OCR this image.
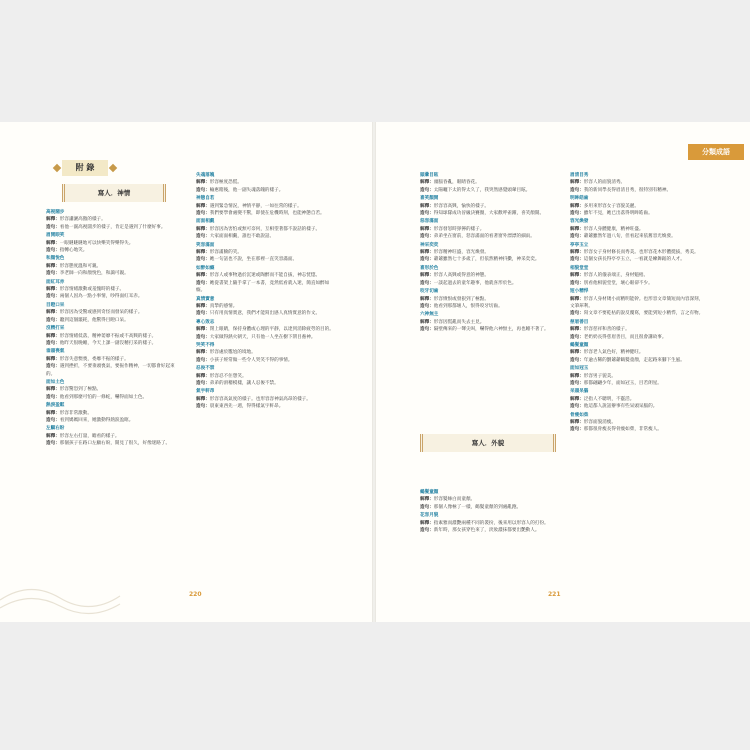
附 錄
分類成語
寫人．神情
寫人．外貌

高視闊步

解釋：形容瀟灑高傲的樣子。

造句：看他一副高視闊步的樣子，肯定是遇到了什麼好事。

眉開眼笑

解釋：一眼瞇瞇瞇地可以快樂笑得樂得失。

造句：指轉心地笑。

和顏悅色

解釋：形容態度溫和可親。

造句：李老師一向和顏悅色，和藹可親。

面紅耳赤

解釋：形容情緒激動或羞愧時的樣子。

造句：兩個人因為一點小事情，吵得面紅耳赤。

目瞪口呆

解釋：形容因為受驚或感到奇怪而發呆的樣子。

造句：聽到這個噩耗，他驚得目瞪口呆。

沒精打采

解釋：形容情緒低落，精神萎靡不振或不高興的樣子。

造句：他昨天很晚睡，今天上課一副沒精打采的樣子。

垂頭喪氣

解釋：形容失意懊喪，委靡不振的樣子。

造句：遇到挫折，不要垂頭喪氣，要振作精神，一切都會好起來的。

面如土色

解釋：形容驚恐到了極點。

造句：他看到那麼可怕的一條蛇，嚇得面如土色。

熱淚盈眶

解釋：形容非常激動。

造句：看到媽媽回來，她激動得熱淚盈眶。

左顧右盼

解釋：形容左右打量，瞻看的樣子。

造句：那個孩子在路口左顧右盼，開見了很久，好像迷路了。

失魂落魄

解釋：形容極度恐慌。

造句：輸惠賭後，他一副失魂落魄的樣子。

神態自若

解釋：遇到緊急情況，神情平靜，一如往常的樣子。

造句：我們要學會處變不驚，即使在危機時刻，也能神態自若。

面面相覷

解釋：形容因為害怕或無可奈何，互相望著都不說話的樣子。

造句：大家面面相覷，誰也不敢說話。

笑容滿面

解釋：形容滿臉的笑。

造句：她一句話也不說，坐在那裡一直笑容滿面。

如醉如癡

解釋：形容人或事物過於沉迷或陶醉而不能自拔，神志恍惚。

造句：她從書架上隨手拿了一本書，竟然低看就入迷，簡直如醉如癡。

真情實意

解釋：真摯的感情。

造句：只有用真情實意，我們才能寫出感人真情實意的作文。

專心致志

解釋：閉上眼睛，保持身體或心理的平靜，以達到消除疲勞的目的。

造句：大家做得熱火朝天，只有他一人坐在樹下閉目養神。

哭笑不得

解釋：形容處於尷尬的境地。

造句：小孩子經常做一些令人哭笑不得的事情。

忍俊不禁

解釋：形容忍不住想笑。

造句：弟弟的滑稽模樣，讓人忍俊不禁。

氣宇軒昂

解釋：形容容高氣度的樣子。也形容容神氣高昂的樣子。

造句：晨東東西先一週，得得樣氣宇軒昂。

頭暈目眩

解釋：頭腦昏亂，眼睛昏花。

造句：太陽曬下太的得太久了，我突然感覺頭暈目眩。

喜笑顏開

解釋：形容容高興，愉快的樣子。

造句：得知球隊成功晉級決賽圈，大家歡呼雀躍，喜笑顏開。

怒容滿面

解釋：形容發怒時猙獰的樣子。

造句：弟弟坐在窗前，怒容滿面的看著窗外漂漂的細雨。

神采奕奕

解釋：形容精神旺盛，容光煥發。

造句：爺爺雖然七十多歲了，但依然精神抖擻，神采奕奕。

喜形於色

解釋：形容人高興或得意的神態。

造句：一談起過去的童年趣事，他就喜形於色。

咬牙切齒

解釋：形容憤恨或發狠到了極點。

造句：他看到那都壞人，恨得咬牙切齒。

六神無主

解釋：形容因慌亂而失去主見。

造句：隔壁傳來的一聲尖叫，嚇得他六神無主，再也睡不著了。

鶴髮童顏

解釋：形容髮絲白而童顏。

造句：那個人像極了一樣，鶴髮童顏的到處亂跑。

花容月貌

解釋：指素雅而濃艷兩種不同的裝扮，後來用以形容人的打扮。

造句：新年時，那女孩穿色來了，淡妝濃抹都要出艷動人。

眉清目秀

解釋：形容人的面貌清秀。

造句：我的新同學長得眉清目秀，很特別有精神。

明眸皓齒

解釋：多用來形容女子容貌美麗。

造句：雖年不見，她已出落得明眸皓齒。

容光煥發

解釋：形容人身體健康，精神旺盛。

造句：爺爺雖然年過八旬，但看起來依舊容光煥發。

亭亭玉立

解釋：形容女子身材修長而秀美。也形容花木形體挺拔，秀美。

造句：這個女孩長得亭亭玉立，一看就是練舞蹈的人才。

相貌堂堂

解釋：形容人的儀表端正，身材魁梧。

造句：別看他相貌堂堂，壞心眼卻不少。

短小精悍

解釋：形容人身材矮小而精明能幹。也形容文章簡短而內容深刻，文筆犀利。

造句：寫文章不要乾枯的說反覆寫，要能到短小精悍，言之有物。

慈眉善目

解釋：形容慈祥和善的樣子。

造句：老奶奶長得慈眉善目，而且很會講故事。

鶴髮童顏

解釋：形容老人氣色好，精神健旺。

造句：年逾古稀的劉爺爺鶴髮童顏，走起路來腳下生風。

面如冠玉

解釋：形容男子貌美。

造句：那都翩翩少年，面如冠玉，目若朗星。

呆頭呆腦

解釋：泛指人不聰明，不靈活。

造句：他這都人說話辦事有些呆頭呆腦的。

骨瘦如柴

解釋：形容面貌消瘦。

造句：那都很骨瘦長得骨瘦如柴，非常瘦人。

220	221
